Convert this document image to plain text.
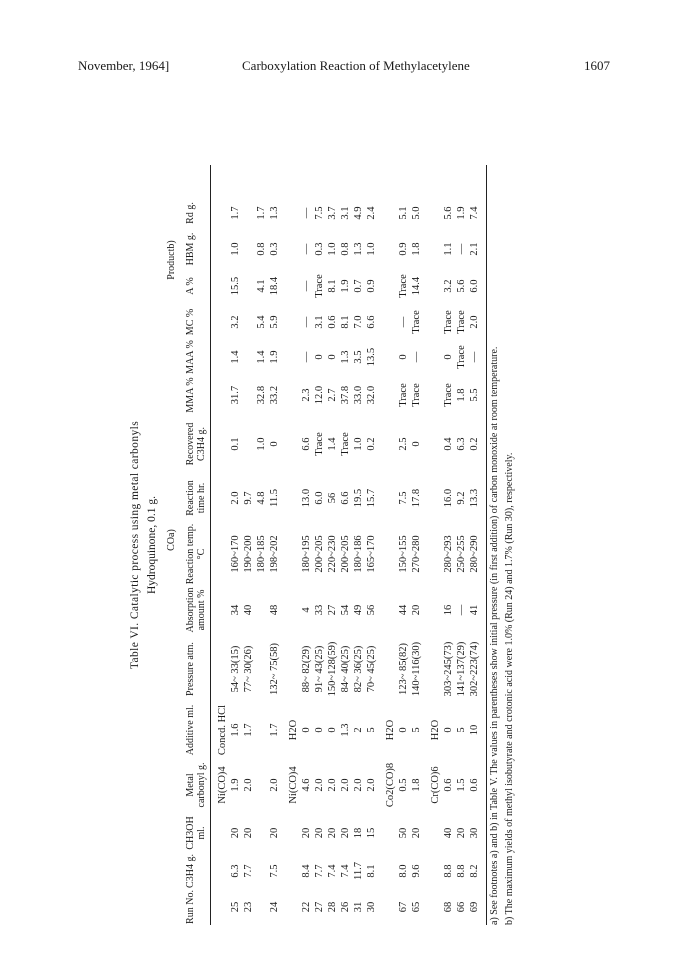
November, 1964]	Carboxylation Reaction of Methylacetylene	1607
Table VI. Catalytic process using metal carbonyls Hydroquinone, 0.1 g. COa)
Productb)
Run No.
C3H4 g.
CH3OH ml.
Metal carbonyl g.
Additive ml.
Pressure atm.
Absorption amount %
Reaction temp. °C
Reaction time hr.
Recovered C3H4 g.
MMA %
MAA %
MC %
A %
HBM g.
Rd g.
Ni(CO)4
Concd. HCl
25
6.3
20
1.9
1.6
54~ 33(15)
34
160~170
2.0
0.1
31.7
1.4
3.2
15.5
1.0
1.7
23
7.7
20
2.0
1.7
77~ 30(26)
40
190~200
9.7
180~185
4.8
1.0
32.8
1.4
5.4
4.1
0.8
1.7
24
7.5
20
2.0
1.7
132~ 75(58)
48
198~202
11.5
0
33.2
1.9
5.9
18.4
0.3
1.3
Ni(CO)4
H2O
22
8.4
20
4.6
0
88~ 82(29)
4
180~195
13.0
6.6
2.3
—
—
—
—
—
27
7.7
20
2.0
0
91~ 43(25)
33
200~205
6.0
Trace
12.0
0
3.1
Trace
0.3
7.5
28
7.4
20
2.0
0
150~128(59)
27
220~230
56
1.4
2.7
0
0.6
8.1
1.0
3.7
26
7.4
20
2.0
1.3
84~ 40(25)
54
200~205
6.6
Trace
37.8
1.3
8.1
1.9
0.8
3.1
31
11.7
18
2.0
2
82~ 36(25)
49
180~186
19.5
1.0
33.0
3.5
7.0
0.7
1.3
4.9
30
8.1
15
2.0
5
70~ 45(25)
56
165~170
15.7
0.2
32.0
13.5
6.6
0.9
1.0
2.4
Co2(CO)8
H2O
67
8.0
50
0.5
0
123~ 85(82)
44
150~155
7.5
2.5
Trace
0
—
Trace
0.9
5.1
65
9.6
20
1.8
5
140~116(30)
20
270~280
17.8
0
Trace
—
Trace
14.4
1.8
5.0
Cr(CO)6
H2O
68
8.8
40
0.6
0
303~245(73)
16
280~293
16.0
0.4
Trace
0
Trace
3.2
1.1
5.6
66
8.8
20
1.5
5
141~137(29)
—
250~255
9.2
6.3
1.8
Trace
Trace
5.6
—
1.9
69
8.2
30
0.6
10
302~223(74)
41
280~290
13.3
0.2
5.5
—
2.0
6.0
2.1
7.4
a) See footnotes a) and b) in Table V. The values in parentheses show initial pressure (in first addition) of carbon monoxide at room temperature. b) The maximum yields of methyl isobutyrate and crotonic acid were 1.0% (Run 24) and 1.7% (Run 30), respectively.
